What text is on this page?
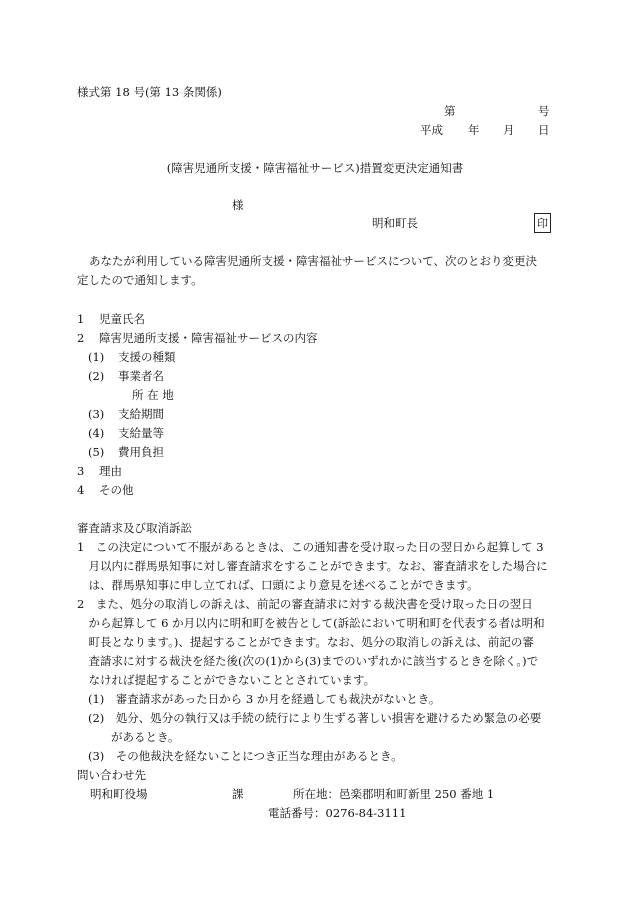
様式第 18 号(第 13 条関係)
第	号
平成 年 月 日
(障害児通所支援・障害福祉サービス)措置変更決定通知書
様
明和町長	印
あなたが利用している障害児通所支援・障害福祉サービスについて、次のとおり変更決
定したので通知します。
1 児童氏名
2 障害児通所支援・障害福祉サービスの内容
(1) 支援の種類
(2) 事業者名
所 在 地
(3) 支給期間
(4) 支給量等
(5) 費用負担
3 理由
4 その他
審査請求及び取消訴訟
1　この決定について不服があるときは、この通知書を受け取った日の翌日から起算して 3
　月以内に群馬県知事に対し審査請求をすることができます。なお、審査請求をした場合に
　は、群馬県知事に申し立てれば、口頭により意見を述べることができます。
2　また、処分の取消しの訴えは、前記の審査請求に対する裁決書を受け取った日の翌日
　から起算して 6 か月以内に明和町を被告として(訴訟において明和町を代表する者は明和
　町長となります。)、提起することができます。なお、処分の取消しの訴えは、前記の審
　査請求に対する裁決を経た後(次の(1)から(3)までのいずれかに該当するときを除く。)で
　なければ提起することができないこととされています。
(1)　審査請求があった日から 3 か月を経過しても裁決がないとき。
(2)　処分、処分の執行又は手続の続行により生ずる著しい損害を避けるため緊急の必要
　　があるとき。
(3)　その他裁決を経ないことにつき正当な理由があるとき。
問い合わせ先
明和町役場	課	所在地：邑楽郡明和町新里 250 番地 1
電話番号：0276-84-3111
